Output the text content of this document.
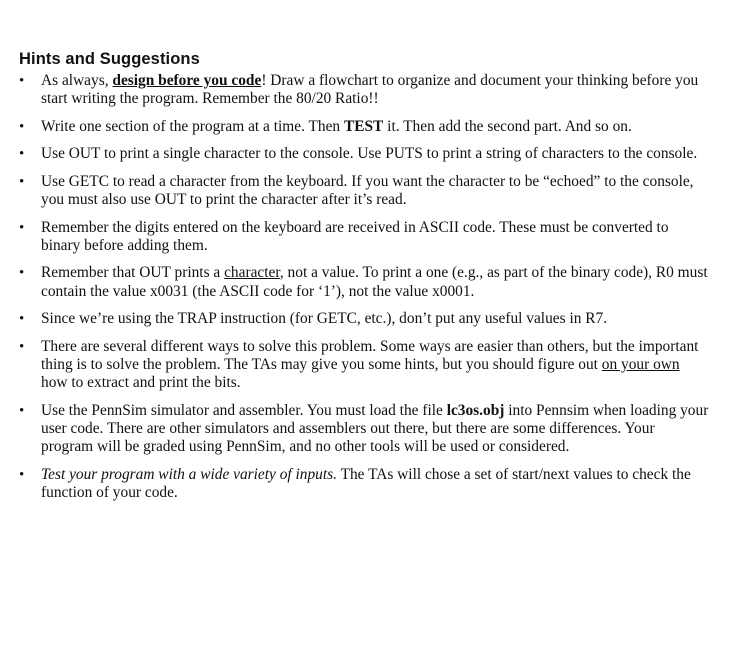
Hints and Suggestions
• As always, design before you code! Draw a flowchart to organize and document your thinking before you start writing the program. Remember the 80/20 Ratio!!
• Write one section of the program at a time. Then TEST it. Then add the second part. And so on.
• Use OUT to print a single character to the console. Use PUTS to print a string of characters to the console.
• Use GETC to read a character from the keyboard. If you want the character to be “echoed” to the console, you must also use OUT to print the character after it’s read.
• Remember the digits entered on the keyboard are received in ASCII code. These must be converted to binary before adding them.
• Remember that OUT prints a character, not a value. To print a one (e.g., as part of the binary code), R0 must contain the value x0031 (the ASCII code for ‘1’), not the value x0001.
• Since we’re using the TRAP instruction (for GETC, etc.), don’t put any useful values in R7.
• There are several different ways to solve this problem. Some ways are easier than others, but the important thing is to solve the problem. The TAs may give you some hints, but you should figure out on your own how to extract and print the bits.
• Use the PennSim simulator and assembler. You must load the file lc3os.obj into Pennsim when loading your user code. There are other simulators and assemblers out there, but there are some differences. Your program will be graded using PennSim, and no other tools will be used or considered.
• Test your program with a wide variety of inputs. The TAs will chose a set of start/next values to check the function of your code.
